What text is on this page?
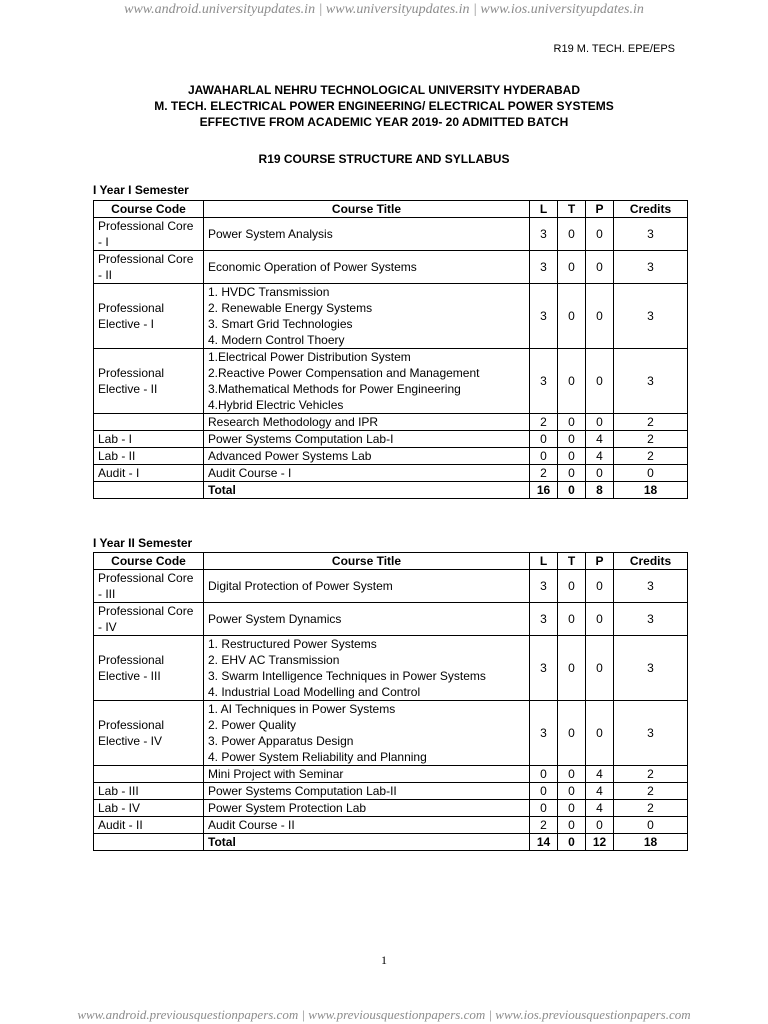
www.android.universityupdates.in | www.universityupdates.in | www.ios.universityupdates.in
R19 M. TECH. EPE/EPS
JAWAHARLAL NEHRU TECHNOLOGICAL UNIVERSITY HYDERABAD
M. TECH. ELECTRICAL POWER ENGINEERING/ ELECTRICAL POWER SYSTEMS
EFFECTIVE FROM ACADEMIC YEAR 2019- 20 ADMITTED BATCH
R19 COURSE STRUCTURE AND SYLLABUS
I Year I Semester
Course Code	Course Title	L	T	P	Credits
Professional Core - I	Power System Analysis	3	0	0	3
Professional Core - II	Economic Operation of Power Systems	3	0	0	3
Professional Elective - I	1. HVDC Transmission
2. Renewable Energy Systems
3. Smart Grid Technologies
4. Modern Control Thoery	3	0	0	3
Professional Elective - II	1.Electrical Power Distribution System
2.Reactive Power Compensation and Management
3.Mathematical Methods for Power Engineering
4.Hybrid Electric Vehicles	3	0	0	3

	Research Methodology and IPR	2	0	0	2
Lab - I	Power Systems Computation Lab-I	0	0	4	2
Lab - II	Advanced Power Systems Lab	0	0	4	2
Audit - I	Audit Course - I	2	0	0	0
	Total	16	0	8	18
I Year II Semester
Course Code	Course Title	L	T	P	Credits
Professional Core - III	Digital Protection of Power System	3	0	0	3
Professional Core - IV	Power System Dynamics	3	0	0	3
Professional Elective - III	1. Restructured Power Systems
2. EHV AC Transmission
3. Swarm Intelligence Techniques in Power Systems
4. Industrial Load Modelling and Control	3	0	0	3
Professional Elective - IV	1. AI Techniques in Power Systems
2. Power Quality
3. Power Apparatus Design
4. Power System Reliability and Planning	3	0	0	3

	Mini Project with Seminar	0	0	4	2
Lab - III	Power Systems Computation Lab-II	0	0	4	2
Lab - IV	Power System Protection Lab	0	0	4	2
Audit - II	Audit Course - II	2	0	0	0
	Total	14	0	12	18
1
www.android.previousquestionpapers.com | www.previousquestionpapers.com | www.ios.previousquestionpapers.com
